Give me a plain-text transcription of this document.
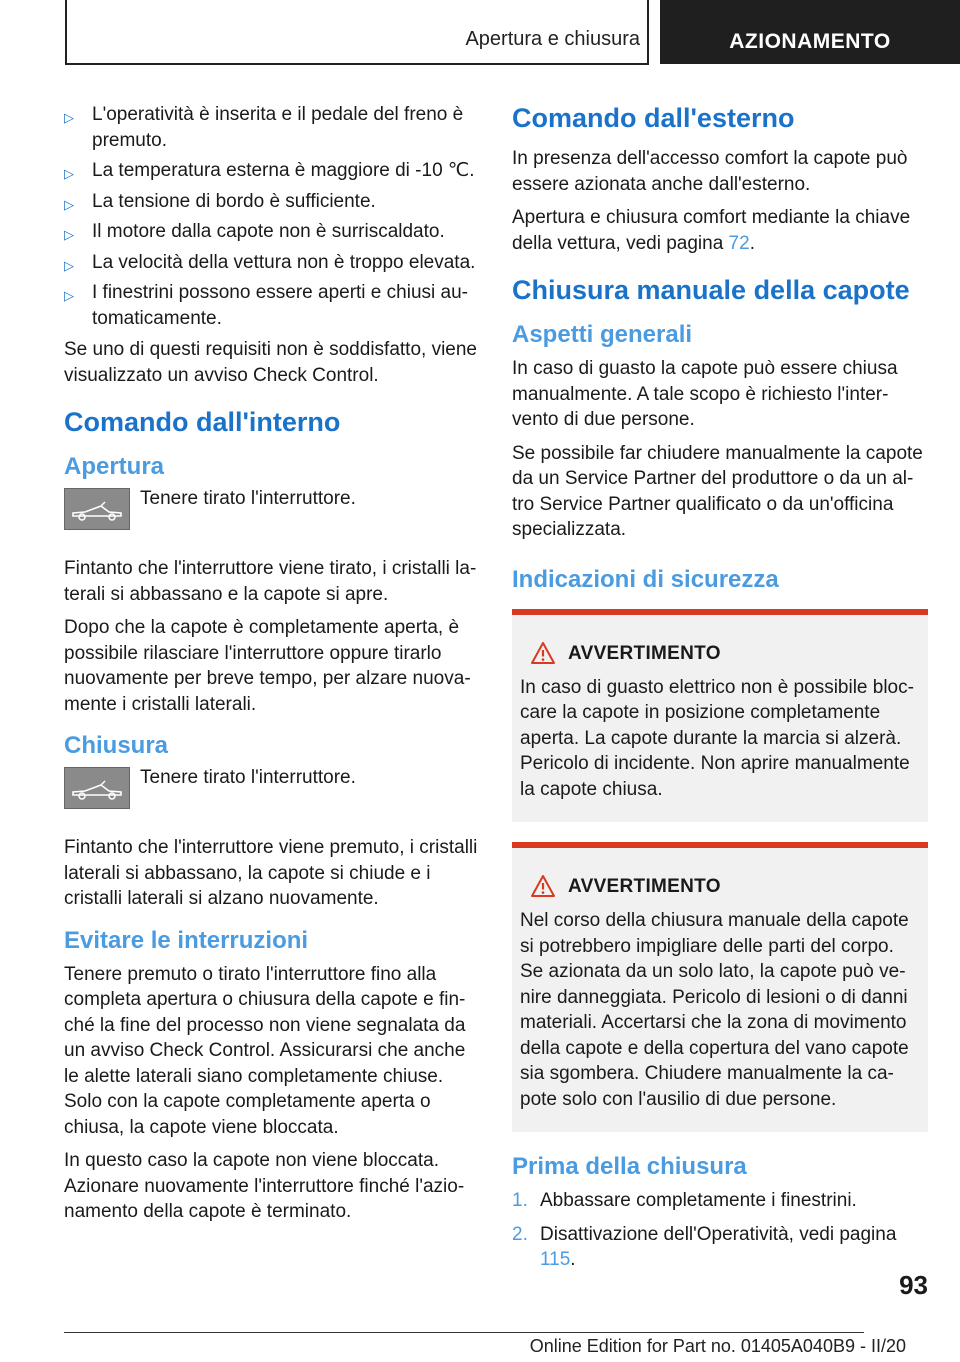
Apertura e chiusura	AZIONAMENTO
▷ L'operatività è inserita e il pedale del freno è premuto.
▷ La temperatura esterna è maggiore di -10 ℃.
▷ La tensione di bordo è sufficiente.
▷ Il motore dalla capote non è surriscaldato.
▷ La velocità della vettura non è troppo elevata.
▷ I finestrini possono essere aperti e chiusi automaticamente.

Se uno di questi requisiti non è soddisfatto, viene visualizzato un avviso Check Control.

Comando dall'interno
Apertura
Tenere tirato l'interruttore.

Fintanto che l'interruttore viene tirato, i cristalli laterali si abbassano e la capote si apre.

Dopo che la capote è completamente aperta, è possibile rilasciare l'interruttore oppure tirarlo nuovamente per breve tempo, per alzare nuovamente i cristalli laterali.

Chiusura
Tenere tirato l'interruttore.

Fintanto che l'interruttore viene premuto, i cristalli laterali si abbassano, la capote si chiude e i cristalli laterali si alzano nuovamente.

Evitare le interruzioni

Tenere premuto o tirato l'interruttore fino alla completa apertura o chiusura della capote e finché la fine del processo non viene segnalata da un avviso Check Control. Assicurarsi che anche le alette laterali siano completamente chiuse. Solo con la capote completamente aperta o chiusa, la capote viene bloccata.

In questo caso la capote non viene bloccata. Azionare nuovamente l'interruttore finché l'azionamento della capote è terminato.

Comando dall'esterno

In presenza dell'accesso comfort la capote può essere azionata anche dall'esterno.

Apertura e chiusura comfort mediante la chiave della vettura, vedi pagina 72.

Chiusura manuale della capote
Aspetti generali

In caso di guasto la capote può essere chiusa manualmente. A tale scopo è richiesto l'intervento di due persone.

Se possibile far chiudere manualmente la capote da un Service Partner del produttore o da un altro Service Partner qualificato o da un'officina specializzata.

Indicazioni di sicurezza
AVVERTIMENTO

In caso di guasto elettrico non è possibile bloccare la capote in posizione completamente aperta. La capote durante la marcia si alzerà. Pericolo di incidente. Non aprire manualmente la capote chiusa.

AVVERTIMENTO

Nel corso della chiusura manuale della capote si potrebbero impigliare delle parti del corpo. Se azionata da un solo lato, la capote può venire danneggiata. Pericolo di lesioni o di danni materiali. Accertarsi che la zona di movimento della capote e della copertura del vano capote sia sgombera. Chiudere manualmente la capote solo con l'ausilio di due persone.

Prima della chiusura
1. Abbassare completamente i finestrini.
2. Disattivazione dell'Operatività, vedi pagina 115.
93
Online Edition for Part no. 01405A040B9 - II/20
